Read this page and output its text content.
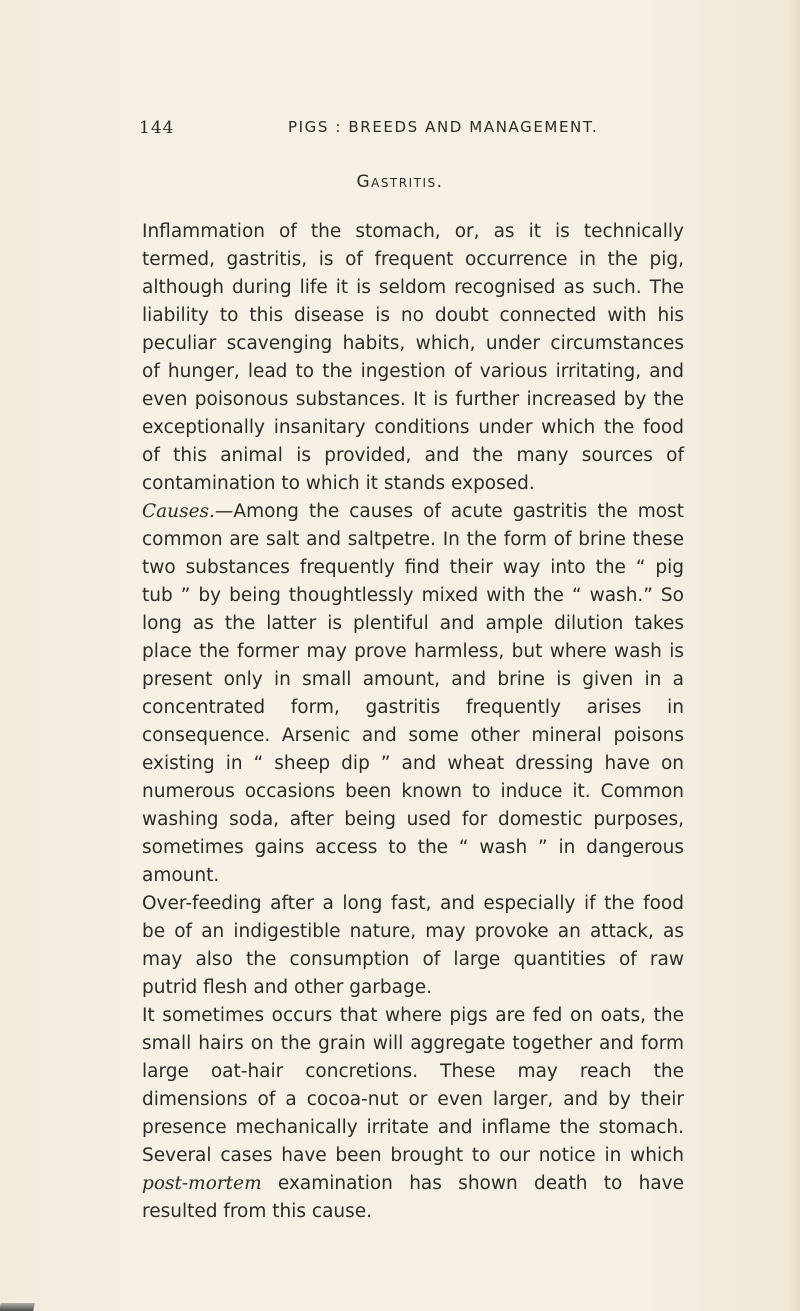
144	PIGS : BREEDS AND MANAGEMENT.
Gastritis.

Inflammation of the stomach, or, as it is technically termed, gastritis, is of frequent occurrence in the pig, although during life it is seldom recognised as such. The liability to this disease is no doubt connected with his peculiar scavenging habits, which, under circumstances of hunger, lead to the ingestion of various irritating, and even poisonous substances. It is further increased by the exceptionally insanitary conditions under which the food of this animal is provided, and the many sources of contamination to which it stands exposed.

Causes.—Among the causes of acute gastritis the most common are salt and saltpetre. In the form of brine these two substances frequently find their way into the “ pig tub ” by being thoughtlessly mixed with the “ wash.” So long as the latter is plentiful and ample dilution takes place the former may prove harmless, but where wash is present only in small amount, and brine is given in a concentrated form, gastritis frequently arises in consequence. Arsenic and some other mineral poisons existing in “ sheep dip ” and wheat dressing have on numerous occasions been known to induce it. Common washing soda, after being used for domestic purposes, sometimes gains access to the “ wash ” in dangerous amount.

Over-feeding after a long fast, and especially if the food be of an indigestible nature, may provoke an attack, as may also the consumption of large quantities of raw putrid flesh and other garbage.

It sometimes occurs that where pigs are fed on oats, the small hairs on the grain will aggregate together and form large oat-hair concretions. These may reach the dimensions of a cocoa-nut or even larger, and by their presence mechanically irritate and inflame the stomach. Several cases have been brought to our notice in which post-mortem examination has shown death to have resulted from this cause.
